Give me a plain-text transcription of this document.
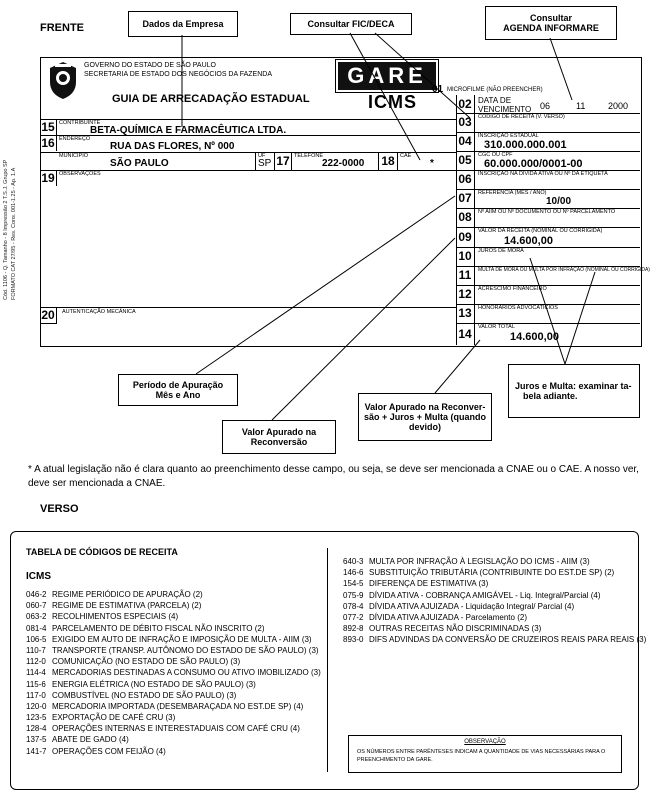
FRENTE	Dados da Empresa	Consultar FIC/DECA
Consultar
AGENDA INFORMARE
Cód. 1106 - Q. Tamanho - 8 Impressão 2 T.S.J. Grupo SP FORMATO CAT 27/95 - Res. Cons. 001-1.25 - Ap. 1.A
GOVERNO DO ESTADO DE SÃO PAULO
SECRETARIA DE ESTADO DOS NEGÓCIOS DA FAZENDA
GUIA DE ARRECADAÇÃO ESTADUAL
GARE
ICMS
01 MICROFILME (NÃO PREENCHER)
15 CONTRIBUINTE
BETA-QUÍMICA E FARMACÊUTICA LTDA.
16 ENDEREÇO
RUA DAS FLORES, Nº 000
MUNICÍPIO
SÃO PAULO
UF
SP 17 TELEFONE
222-0000 18 CAE
*
19 OBSERVAÇÕES
20	AUTENTICAÇÃO MECÂNICA
02 DATA DE
VENCIMENTO 06	11	2000
03	CÓDIGO DE RECEITA (V. VERSO)
04	INSCRIÇÃO ESTADUAL
310.000.000.001
05	CGC OU CPF
60.000.000/0001-00
06	INSCRIÇÃO NA DÍVIDA ATIVA OU Nº DA ETIQUETA
07	REFERÊNCIA (MÊS / ANO)
10/00
08	Nº AIIM OU Nº DOCUMENTO OU Nº PARCELAMENTO
09	VALOR DA RECEITA (NOMINAL OU CORRIGIDA)
14.600,00
10	JUROS DE MORA
11	MULTA DE MORA OU MULTA POR INFRAÇÃO (NOMINAL OU CORRIGIDA)
12	ACRÉSCIMO FINANCEIRO
13	HONORÁRIOS ADVOCATÍCIOS
14	VALOR TOTAL
14.600,00
Período de Apuração
Mês e Ano
Valor Apurado na
Reconversão
Valor Apurado na Reconver-
são + Juros + Multa (quando
devido)
Juros e Multa: examinar ta-
bela adiante.
* A atual legislação não é clara quanto ao preenchimento desse campo, ou seja, se deve ser mencionada a CNAE ou o CAE. A nosso ver, deve ser mencionada a CNAE.
VERSO
TABELA DE CÓDIGOS DE RECEITA
ICMS
046-2 REGIME PERIÓDICO DE APURAÇÃO (2)
060-7 REGIME DE ESTIMATIVA (PARCELA) (2)
063-2 RECOLHIMENTOS ESPECIAIS (4)
081-4 PARCELAMENTO DE DÉBITO FISCAL NÃO INSCRITO (2)
106-5 EXIGIDO EM AUTO DE INFRAÇÃO E IMPOSIÇÃO DE MULTA - AIIM (3)
110-7 TRANSPORTE (TRANSP. AUTÔNOMO DO ESTADO DE SÃO PAULO) (3)
112-0 COMUNICAÇÃO (NO ESTADO DE SÃO PAULO) (3)
114-4 MERCADORIAS DESTINADAS A CONSUMO OU ATIVO IMOBILIZADO (3)
115-6 ENERGIA ELÉTRICA (NO ESTADO DE SÃO PAULO) (3)
117-0 COMBUSTÍVEL (NO ESTADO DE SÃO PAULO) (3)
120-0 MERCADORIA IMPORTADA (DESEMBARAÇADA NO EST.DE SP) (4)
123-5 EXPORTAÇÃO DE CAFÉ CRU (3)
128-4 OPERAÇÕES INTERNAS E INTERESTADUAIS COM CAFÉ CRU (4)
137-5 ABATE DE GADO (4)
141-7 OPERAÇÕES COM FEIJÃO (4)
640-3 MULTA POR INFRAÇÃO À LEGISLAÇÃO DO ICMS - AIIM (3)
146-6 SUBSTITUIÇÃO TRIBUTÁRIA (CONTRIBUINTE DO EST.DE SP) (2)
154-5 DIFERENÇA DE ESTIMATIVA (3)
075-9 DÍVIDA ATIVA - COBRANÇA AMIGÁVEL - Liq. Integral/Parcial (4)
078-4 DÍVIDA ATIVA AJUIZADA - Liquidação Integral/ Parcial (4)
077-2 DÍVIDA ATIVA AJUIZADA - Parcelamento (2)
892-8 OUTRAS RECEITAS NÃO DISCRIMINADAS (3)
893-0 DIFS ADVINDAS DA CONVERSÃO DE CRUZEIROS REAIS PARA REAIS (3)
OBSERVAÇÃO
OS NÚMEROS ENTRE PARÊNTESES INDICAM A QUANTIDADE DE VIAS NECESSÁRIAS PARA O PREENCHIMENTO DA GARE.
